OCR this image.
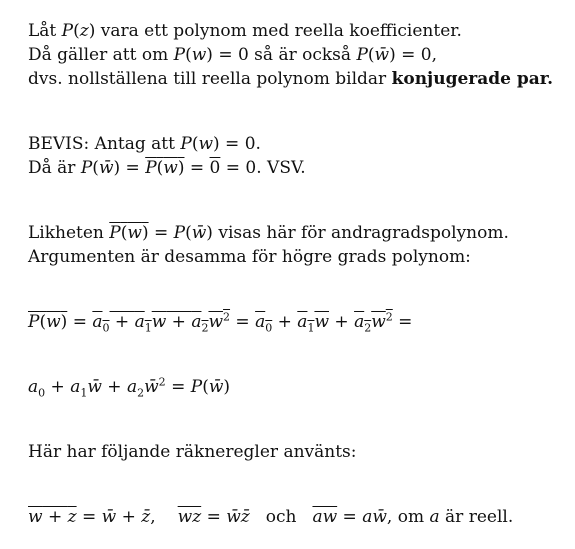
Låt P(z) vara ett polynom med reella koefficienter.
Då gäller att om P(w) = 0 så är också P(w̄) = 0,
dvs. nollställena till reella polynom bildar konjugerade par.
BEVIS: Antag att P(w) = 0.
Då är P(w̄) = P(w) = 0 = 0. VSV.
Likheten P(w) = P(w̄) visas här för andragradspolynom.
Argumenten är desamma för högre grads polynom:
$P(w) = a_0 + a_1w + a_2w^2 = a_0 + a_1w + a_2w^2$ =
$a_0$ + $a_1w̄$ + $a_2w̄^2$ = P(w̄)
Här har följande räkneregler använts:
w + z = w̄ + z̄, $\overline{wz}$ = w̄z̄ och $\overline{aw}$ = aw̄, om a är reell.
